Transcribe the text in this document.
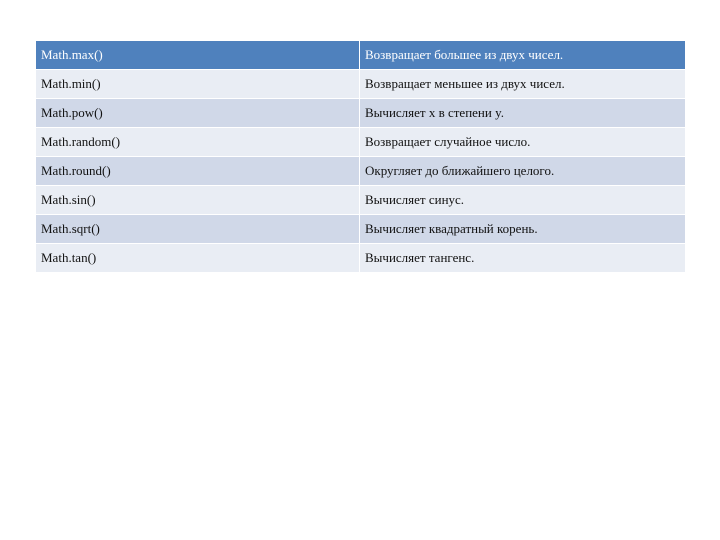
Math.max()	Возвращает большее из двух чисел.
Math.min()	Возвращает меньшее из двух чисел.
Math.pow()	Вычисляет x в степени y.
Math.random()	Возвращает случайное число.
Math.round()	Округляет до ближайшего целого.
Math.sin()	Вычисляет синус.
Math.sqrt()	Вычисляет квадратный корень.
Math.tan()	Вычисляет тангенс.
